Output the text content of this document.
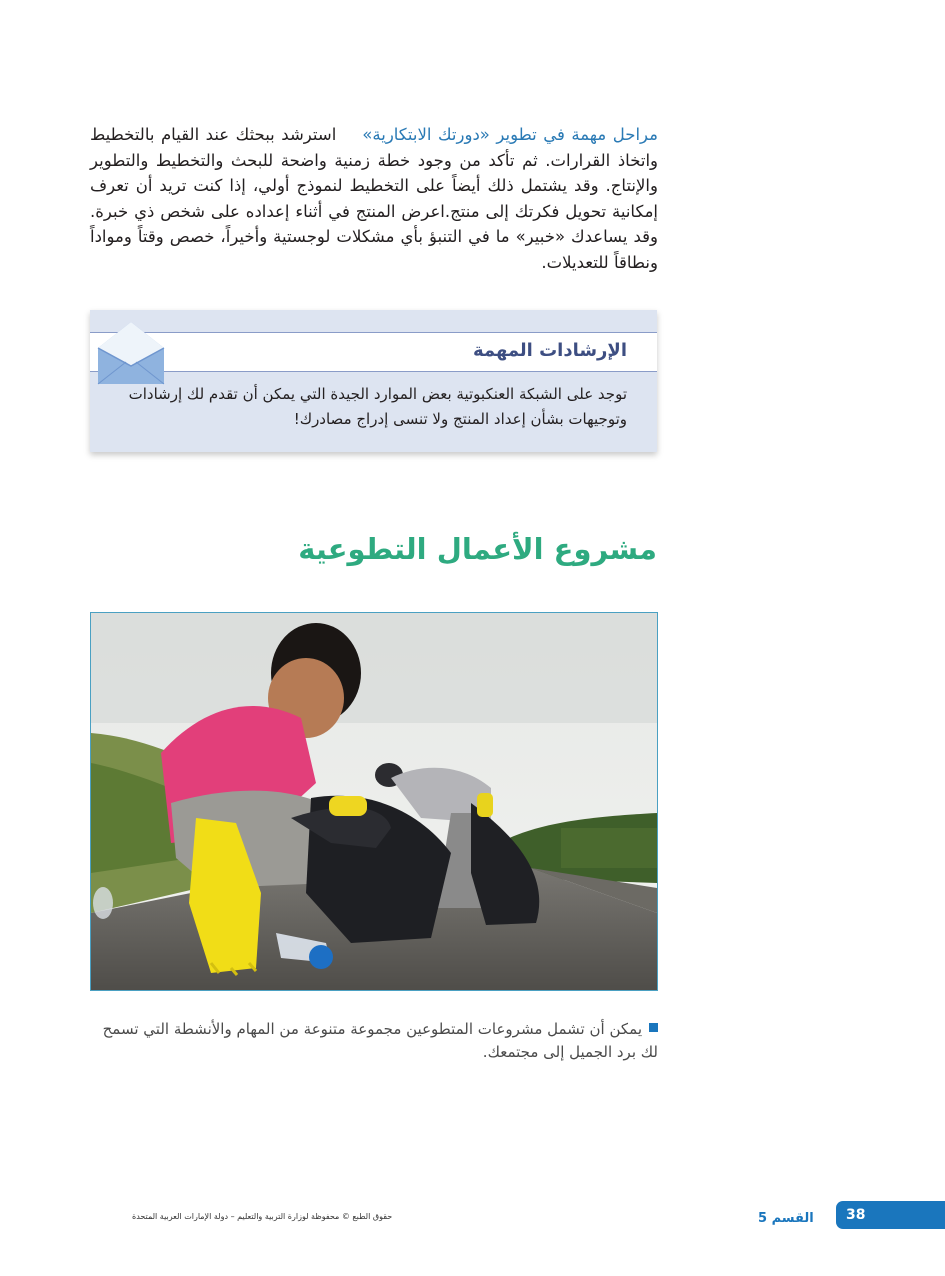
مراحل مهمة في تطوير «دورتك الابتكارية»استرشد ببحثك عند القيام بالتخطيط واتخاذ القرارات. ثم تأكد من وجود خطة زمنية واضحة للبحث والتخطيط والتطوير والإنتاج. وقد يشتمل ذلك أيضاً على التخطيط لنموذج أولي، إذا كنت تريد أن تعرف إمكانية تحويل فكرتك إلى منتج.اعرض المنتج في أثناء إعداده على شخص ذي خبرة. وقد يساعدك «خبير» ما في التنبؤ بأي مشكلات لوجستية وأخيراً، خصص وقتاً ومواداً ونطاقاً للتعديلات.
الإرشادات المهمة
توجد على الشبكة العنكبوتية بعض الموارد الجيدة التي يمكن أن تقدم لك إرشادات وتوجيهات بشأن إعداد المنتج ولا تنسى إدراج مصادرك!
مشروع الأعمال التطوعية
يمكن أن تشمل مشروعات المتطوعين مجموعة متنوعة من المهام والأنشطة التي تسمح لك برد الجميل إلى مجتمعك.
حقوق الطبع © محفوظة لوزارة التربية والتعليم – دولة الإمارات العربية المتحدة	القسم 5 38
